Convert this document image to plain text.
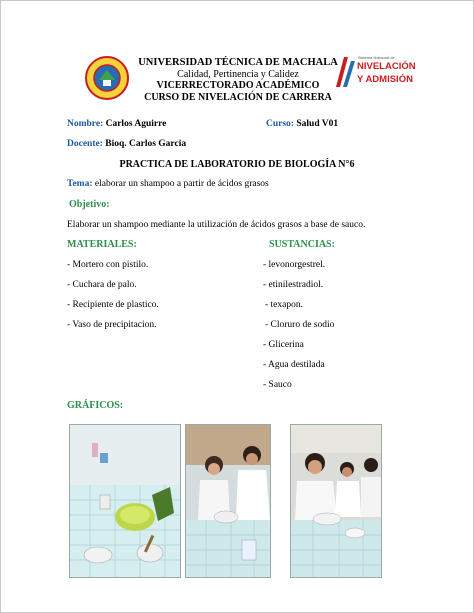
UNIVERSIDAD TÉCNICA DE MACHALA
Calidad, Pertinencia y Calidez
VICERRECTORADO ACADÉMICO
CURSO DE NIVELACIÓN DE CARRERA
Sistema Nacional de
NIVELACIÓN
Y ADMISIÓN
Nombre: Carlos Aguirre	Curso: Salud V01
Docente: Bioq. Carlos Garcia
PRACTICA DE LABORATORIO DE BIOLOGÍA N°6
Tema: elaborar un shampoo a partir de ácidos grasos
Objetivo:
Elaborar un shampoo mediante la utilización de ácidos grasos a base de sauco.
MATERIALES:	SUSTANCIAS:
- Mortero con pistilo.
- Cuchara de palo.
- Recipiente de plastico.
- Vaso de precipitacion.
- levonorgestrel.
- etinilestradiol.
- texapon.
- Cloruro de sodio
- Glicerina
- Agua destilada
- Sauco
GRÁFICOS:
